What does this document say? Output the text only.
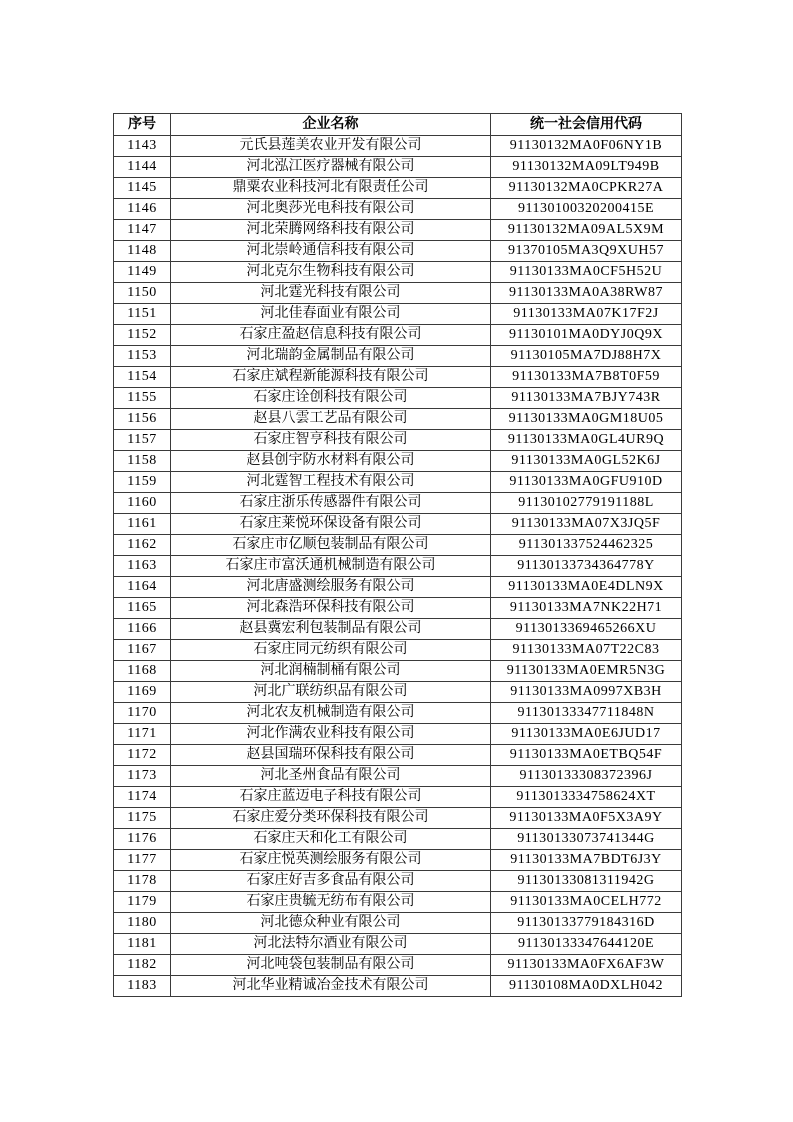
序号	企业名称	统一社会信用代码
1143	元氏县莲美农业开发有限公司	91130132MA0F06NY1B
1144	河北泓江医疗器械有限公司	91130132MA09LT949B
1145	鼎粟农业科技河北有限责任公司	91130132MA0CPKR27A
1146	河北奥莎光电科技有限公司	91130100320200415E
1147	河北荣腾网络科技有限公司	91130132MA09AL5X9M
1148	河北崇岭通信科技有限公司	91370105MA3Q9XUH57
1149	河北克尔生物科技有限公司	91130133MA0CF5H52U
1150	河北霆光科技有限公司	91130133MA0A38RW87
1151	河北佳春面业有限公司	91130133MA07K17F2J
1152	石家庄盈赵信息科技有限公司	91130101MA0DYJ0Q9X
1153	河北瑞韵金属制品有限公司	91130105MA7DJ88H7X
1154	石家庄斌程新能源科技有限公司	91130133MA7B8T0F59
1155	石家庄诠创科技有限公司	91130133MA7BJY743R
1156	赵县八雲工艺品有限公司	91130133MA0GM18U05
1157	石家庄智亨科技有限公司	91130133MA0GL4UR9Q
1158	赵县创宇防水材料有限公司	91130133MA0GL52K6J
1159	河北霆智工程技术有限公司	91130133MA0GFU910D
1160	石家庄浙乐传感器件有限公司	91130102779191188L
1161	石家庄莱悦环保设备有限公司	91130133MA07X3JQ5F
1162	石家庄市亿顺包装制品有限公司	911301337524462325
1163	石家庄市富沃通机械制造有限公司	91130133734364778Y
1164	河北唐盛测绘服务有限公司	91130133MA0E4DLN9X
1165	河北森浩环保科技有限公司	91130133MA7NK22H71
1166	赵县冀宏利包装制品有限公司	9113013369465266XU
1167	石家庄同元纺织有限公司	91130133MA07T22C83
1168	河北润楠制桶有限公司	91130133MA0EMR5N3G
1169	河北广联纺织品有限公司	91130133MA0997XB3H
1170	河北农友机械制造有限公司	91130133347711848N
1171	河北作满农业科技有限公司	91130133MA0E6JUD17
1172	赵县国瑞环保科技有限公司	91130133MA0ETBQ54F
1173	河北圣州食品有限公司	91130133308372396J
1174	石家庄蓝迈电子科技有限公司	9113013334758624XT
1175	石家庄爱分类环保科技有限公司	91130133MA0F5X3A9Y
1176	石家庄天和化工有限公司	91130133073741344G
1177	石家庄悦英测绘服务有限公司	91130133MA7BDT6J3Y
1178	石家庄好吉多食品有限公司	91130133081311942G
1179	石家庄贵毓无纺布有限公司	91130133MA0CELH772
1180	河北德众种业有限公司	91130133779184316D
1181	河北法特尔酒业有限公司	91130133347644120E
1182	河北吨袋包装制品有限公司	91130133MA0FX6AF3W
1183	河北华业精诚冶金技术有限公司	91130108MA0DXLH042
